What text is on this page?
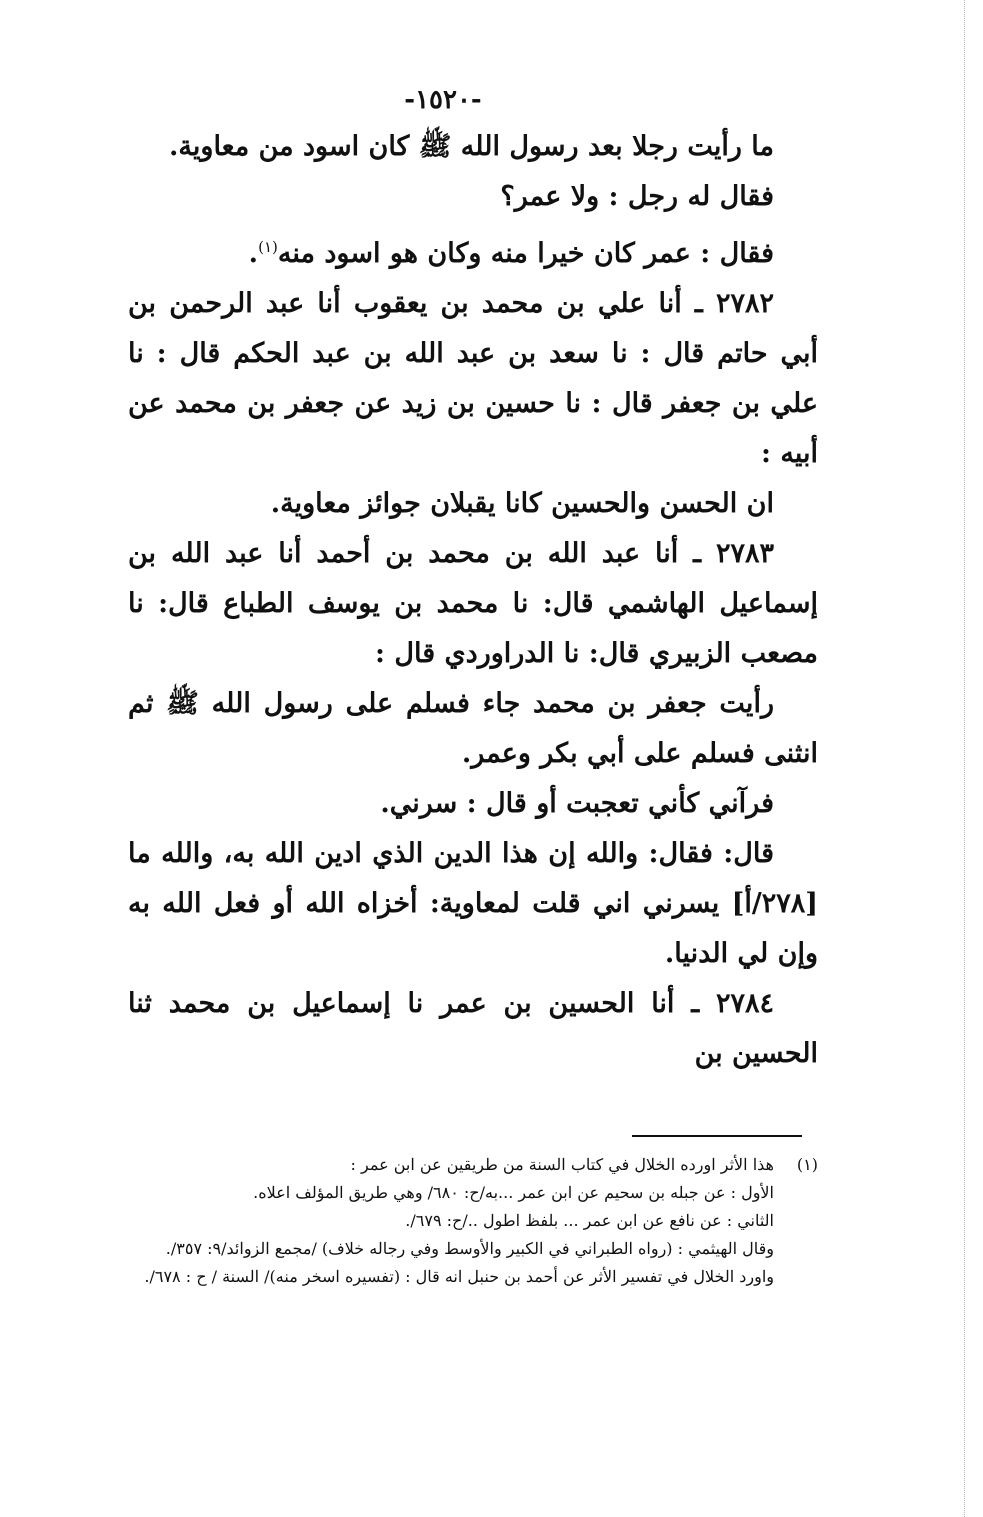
-١٥٢٠-

ما رأيت رجلا بعد رسول الله ﷺ كان اسود من معاوية.

فقال له رجل : ولا عمر؟

فقال : عمر كان خيرا منه وكان هو اسود منه$^{(١)}$.

٢٧٨٢ ـ أنا علي بن محمد بن يعقوب أنا عبد الرحمن بن أبي حاتم قال : نا سعد بن عبد الله بن عبد الحكم قال : نا علي بن جعفر قال : نا حسين بن زيد عن جعفر بن محمد عن أبيه :

ان الحسن والحسين كانا يقبلان جوائز معاوية.

٢٧٨٣ ـ أنا عبد الله بن محمد بن أحمد أنا عبد الله بن إسماعيل الهاشمي قال: نا محمد بن يوسف الطباع قال: نا مصعب الزبيري قال: نا الدراوردي قال :

رأيت جعفر بن محمد جاء فسلم على رسول الله ﷺ ثم انثنى فسلم على أبي بكر وعمر.

فرآني كأني تعجبت أو قال : سرني.

قال: فقال: والله إن هذا الدين الذي ادين الله به، والله ما [٢٧٨/أ] يسرني اني قلت لمعاوية: أخزاه الله أو فعل الله به وإن لي الدنيا.

٢٧٨٤ ـ أنا الحسين بن عمر نا إسماعيل بن محمد ثنا الحسين بن

(١)

هذا الأثر اورده الخلال في كتاب السنة من طريقين عن ابن عمر :

الأول : عن جبله بن سحيم عن ابن عمر ...به/ح: ٦٨٠/ وهي طريق المؤلف اعلاه.

الثاني : عن نافع عن ابن عمر ... بلفظ اطول ../ح: ٦٧٩/.

وقال الهيثمي : (رواه الطبراني في الكبير والأوسط وفي رجاله خلاف) /مجمع الزوائد/٩: ٣٥٧/.

واورد الخلال في تفسير الأثر عن أحمد بن حنبل انه قال : (تفسيره اسخر منه)/ السنة / ح : ٦٧٨/.
